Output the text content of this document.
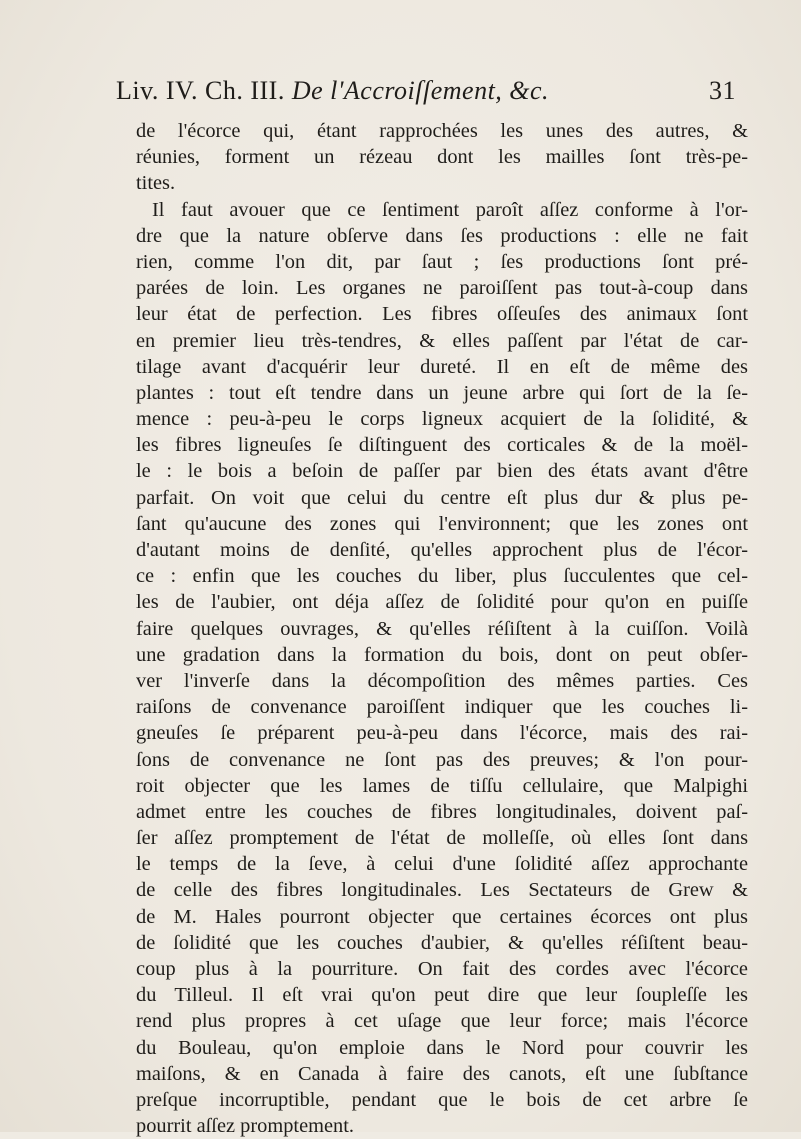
Liv. IV. Ch. III. De l'Accroiſſement, &c.	31
de l'écorce qui, étant rapprochées les unes des autres, &
réunies, forment un rézeau dont les mailles ſont très-pe-
tites.
Il faut avouer que ce ſentiment paroît aſſez conforme à l'or-
dre que la nature obſerve dans ſes productions : elle ne fait
rien, comme l'on dit, par ſaut ; ſes productions ſont pré-
parées de loin. Les organes ne paroiſſent pas tout-à-coup dans
leur état de perfection. Les fibres oſſeuſes des animaux ſont
en premier lieu très-tendres, & elles paſſent par l'état de car-
tilage avant d'acquérir leur dureté. Il en eſt de même des
plantes : tout eſt tendre dans un jeune arbre qui ſort de la ſe-
mence : peu-à-peu le corps ligneux acquiert de la ſolidité, &
les fibres ligneuſes ſe diſtinguent des corticales & de la moël-
le : le bois a beſoin de paſſer par bien des états avant d'être
parfait. On voit que celui du centre eſt plus dur & plus pe-
ſant qu'aucune des zones qui l'environnent; que les zones ont
d'autant moins de denſité, qu'elles approchent plus de l'écor-
ce : enfin que les couches du liber, plus ſucculentes que cel-
les de l'aubier, ont déja aſſez de ſolidité pour qu'on en puiſſe
faire quelques ouvrages, & qu'elles réſiſtent à la cuiſſon. Voilà
une gradation dans la formation du bois, dont on peut obſer-
ver l'inverſe dans la décompoſition des mêmes parties. Ces
raiſons de convenance paroiſſent indiquer que les couches li-
gneuſes ſe préparent peu-à-peu dans l'écorce, mais des rai-
ſons de convenance ne ſont pas des preuves; & l'on pour-
roit objecter que les lames de tiſſu cellulaire, que Malpighi
admet entre les couches de fibres longitudinales, doivent paſ-
ſer aſſez promptement de l'état de molleſſe, où elles ſont dans
le temps de la ſeve, à celui d'une ſolidité aſſez approchante
de celle des fibres longitudinales. Les Sectateurs de Grew &
de M. Hales pourront objecter que certaines écorces ont plus
de ſolidité que les couches d'aubier, & qu'elles réſiſtent beau-
coup plus à la pourriture. On fait des cordes avec l'écorce
du Tilleul. Il eſt vrai qu'on peut dire que leur ſoupleſſe les
rend plus propres à cet uſage que leur force; mais l'écorce
du Bouleau, qu'on emploie dans le Nord pour couvrir les
maiſons, & en Canada à faire des canots, eſt une ſubſtance
preſque incorruptible, pendant que le bois de cet arbre ſe
pourrit aſſez promptement.
